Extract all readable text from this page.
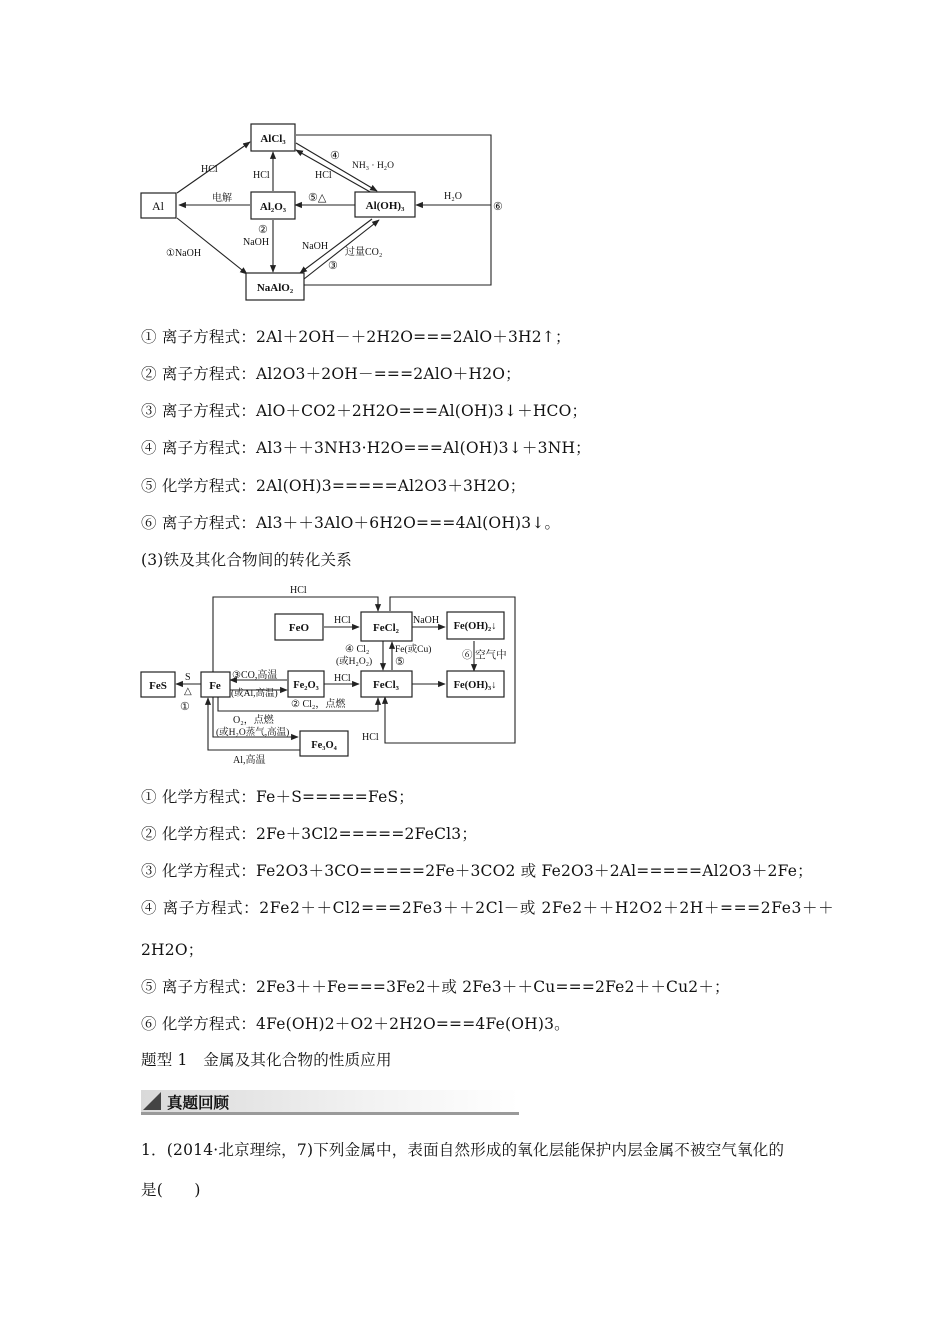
Al
AlCl₃
Al₂O₃	Al(OH)₃
NaAlO₂
HCl
电解
HCl
①NaOH
②
NaOH
⑤△
④
NH₃ · H₂O
HCl
NaOH
过量CO₂
③
H₂O
⑥
① 离子方程式：2Al＋2OH－＋2H2O===2AlO＋3H2↑；
② 离子方程式：Al2O3＋2OH－===2AlO＋H2O；
③ 离子方程式：AlO＋CO2＋2H2O===Al(OH)3↓＋HCO；
④ 离子方程式：Al3＋＋3NH3·H2O===Al(OH)3↓＋3NH；
⑤ 化学方程式：2Al(OH)3=====Al2O3＋3H2O；
⑥ 离子方程式：Al3＋＋3AlO＋6H2O===4Al(OH)3↓。
(3)铁及其化合物间的转化关系
FeS	Fe
FeO	FeCl₂	Fe(OH)₂↓
Fe₂O₃	FeCl₃	Fe(OH)₃↓
Fe₃O₄
HCl
HCl	NaOH
④ Cl₂
(或H₂O₂)
Fe(或Cu)
⑤
⑥ 空气中
S
△
①
③CO,高温
(或Al,高温)
HCl
② Cl₂，点燃
O₂，点燃
(或H₂O蒸气,高温)
Al,高温
HCl
① 化学方程式：Fe＋S=====FeS；
② 化学方程式：2Fe＋3Cl2=====2FeCl3；
③ 化学方程式：Fe2O3＋3CO=====2Fe＋3CO2 或 Fe2O3＋2Al=====Al2O3＋2Fe；
④ 离子方程式：2Fe2＋＋Cl2===2Fe3＋＋2Cl－或 2Fe2＋＋H2O2＋2H＋===2Fe3＋＋
2H2O；
⑤ 离子方程式：2Fe3＋＋Fe===3Fe2＋或 2Fe3＋＋Cu===2Fe2＋＋Cu2＋；
⑥ 化学方程式：4Fe(OH)2＋O2＋2H2O===4Fe(OH)3。
题型 1　金属及其化合物的性质应用
真题回顾
1．(2014·北京理综，7)下列金属中，表面自然形成的氧化层能保护内层金属不被空气氧化的
是(　　)
